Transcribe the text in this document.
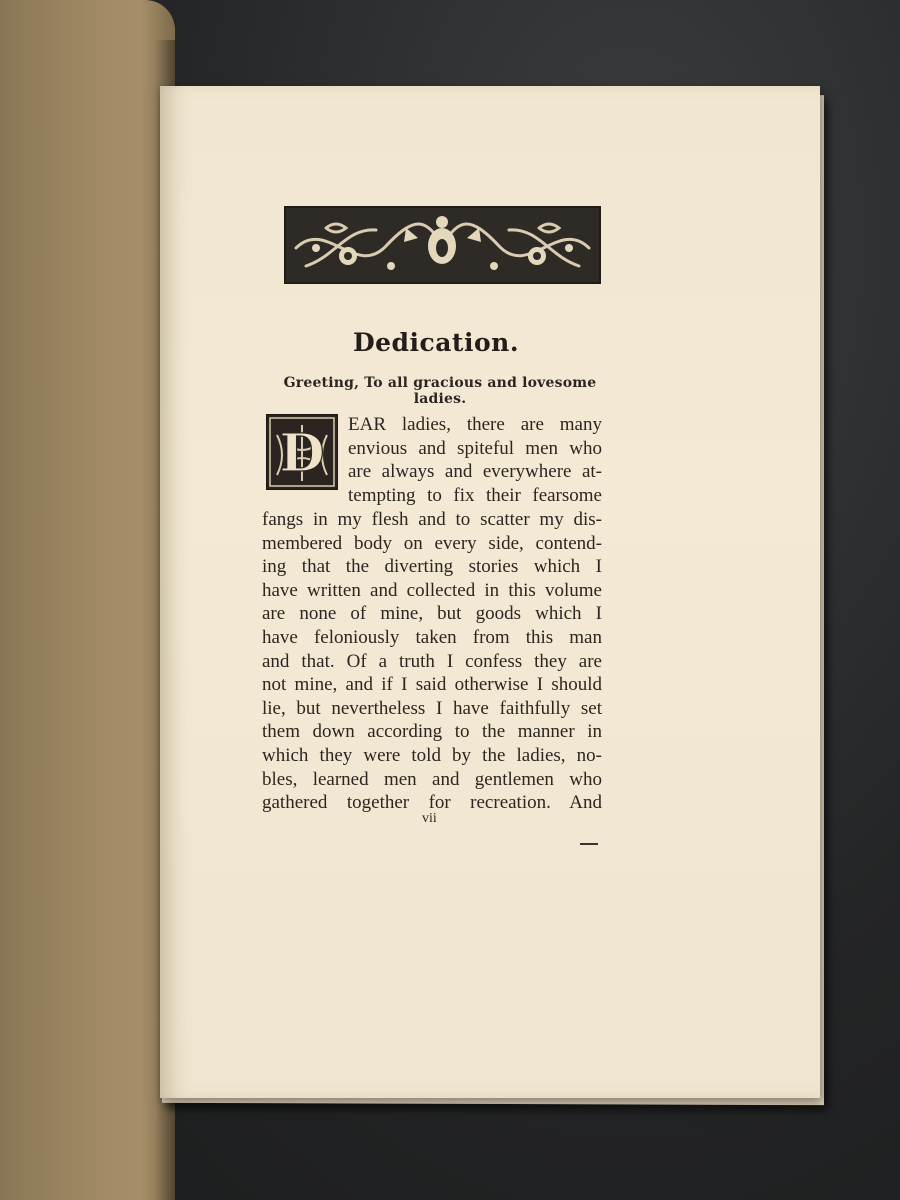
Dedication.
Greeting, To all gracious and lovesome ladies.
D EAR ladies, there are many
envious and spiteful men who
are always and everywhere at-
tempting to fix their fearsome
fangs in my flesh and to scatter my dis-
membered body on every side, contend-
ing that the diverting stories which I
have written and collected in this volume
are none of mine, but goods which I
have feloniously taken from this man
and that. Of a truth I confess they are
not mine, and if I said otherwise I should
lie, but nevertheless I have faithfully set
them down according to the manner in
which they were told by the ladies, no-
bles, learned men and gentlemen who
gathered together for recreation. And
vii
